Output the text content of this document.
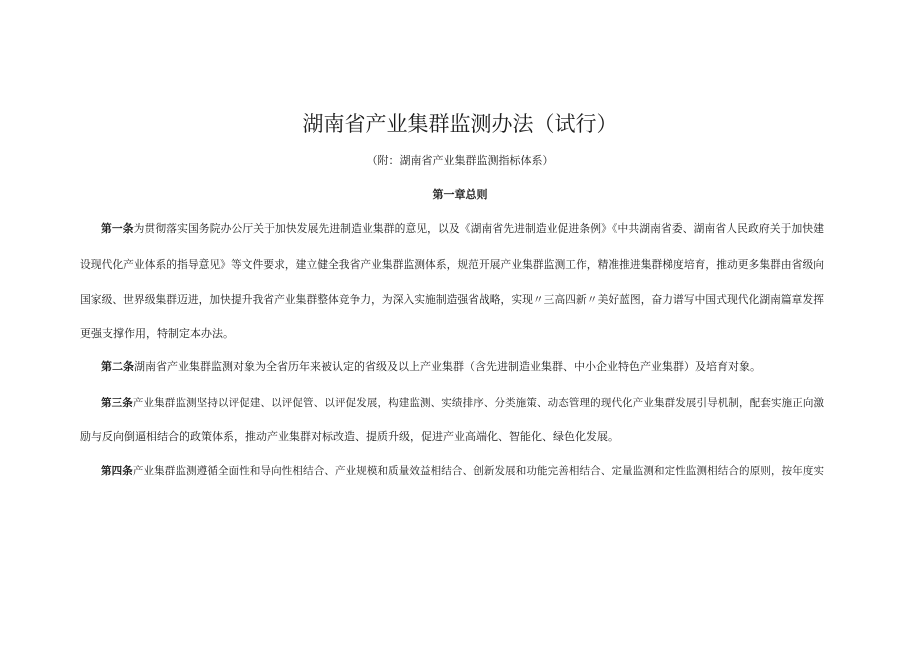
湖南省产业集群监测办法（试行）
（附：湖南省产业集群监测指标体系）
第一章总则
第一条为贯彻落实国务院办公厅关于加快发展先进制造业集群的意见，以及《湖南省先进制造业促进条例》《中共湖南省委、湖南省人民政府关于加快建
设现代化产业体系的指导意见》等文件要求，建立健全我省产业集群监测体系，规范开展产业集群监测工作，精准推进集群梯度培育，推动更多集群由省级向
国家级、世界级集群迈进，加快提升我省产业集群整体竞争力，为深入实施制造强省战略，实现〃三高四新〃美好蓝图，奋力谱写中国式现代化湖南篇章发挥
更强支撑作用，特制定本办法。
第二条湖南省产业集群监测对象为全省历年来被认定的省级及以上产业集群（含先进制造业集群、中小企业特色产业集群）及培育对象。
第三条产业集群监测坚持以评促建、以评促管、以评促发展，构建监测、实绩排序、分类施策、动态管理的现代化产业集群发展引导机制，配套实施正向激
励与反向倒逼相结合的政策体系，推动产业集群对标改造、提质升级，促进产业高端化、智能化、绿色化发展。
第四条产业集群监测遵循全面性和导向性相结合、产业规模和质量效益相结合、创新发展和功能完善相结合、定量监测和定性监测相结合的原则，按年度实
